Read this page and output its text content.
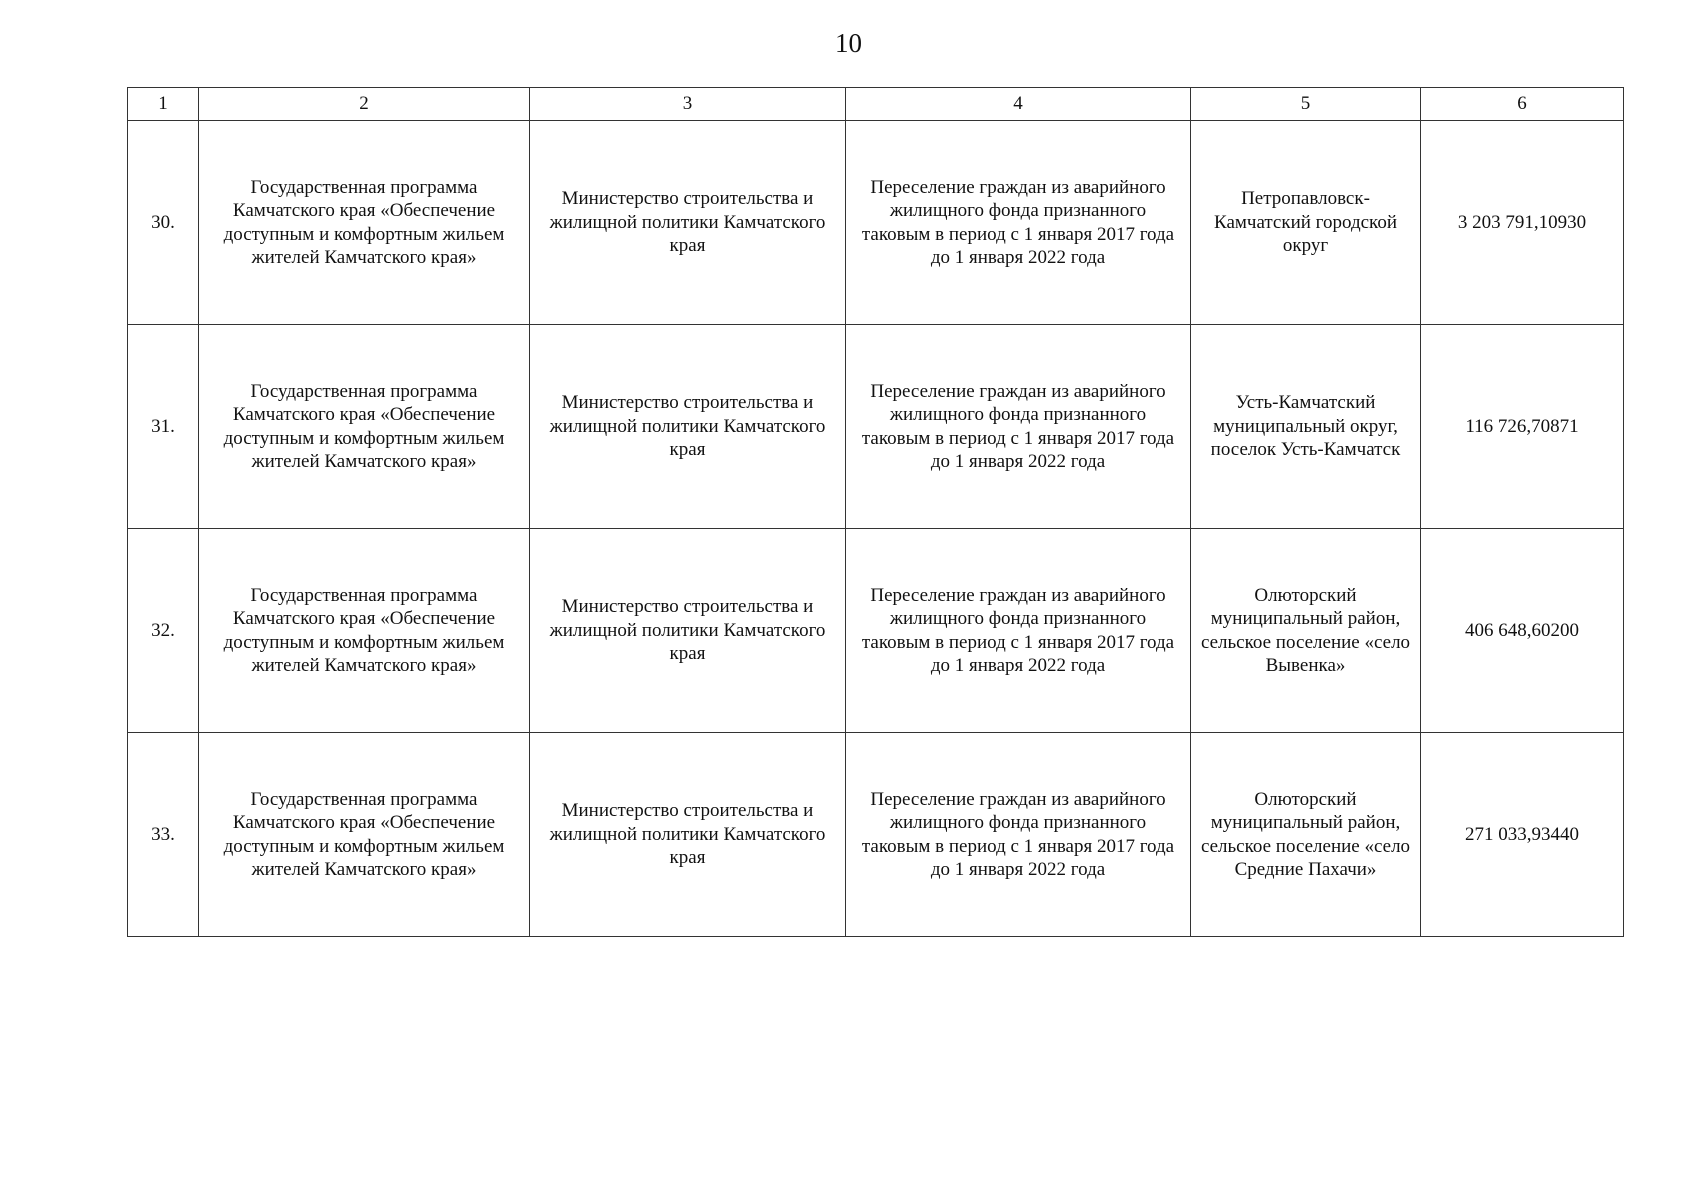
10
1	2	3	4	5	6
30.	Государственная программа Камчатского края «Обеспечение доступным и комфортным жильем жителей Камчатского края»	Министерство строительства и жилищной политики Камчатского края	Переселение граждан из аварийного жилищного фонда признанного таковым в период с 1 января 2017 года до 1 января 2022 года	Петропавловск-Камчатский городской округ	3 203 791,10930
31.	Государственная программа Камчатского края «Обеспечение доступным и комфортным жильем жителей Камчатского края»	Министерство строительства и жилищной политики Камчатского края	Переселение граждан из аварийного жилищного фонда признанного таковым в период с 1 января 2017 года до 1 января 2022 года	Усть-Камчатский муниципальный округ, поселок Усть-Камчатск	116 726,70871
32.	Государственная программа Камчатского края «Обеспечение доступным и комфортным жильем жителей Камчатского края»	Министерство строительства и жилищной политики Камчатского края	Переселение граждан из аварийного жилищного фонда признанного таковым в период с 1 января 2017 года до 1 января 2022 года	Олюторский муниципальный район, сельское поселение «село Вывенка»	406 648,60200
33.	Государственная программа Камчатского края «Обеспечение доступным и комфортным жильем жителей Камчатского края»	Министерство строительства и жилищной политики Камчатского края	Переселение граждан из аварийного жилищного фонда признанного таковым в период с 1 января 2017 года до 1 января 2022 года	Олюторский муниципальный район, сельское поселение «село Средние Пахачи»	271 033,93440
